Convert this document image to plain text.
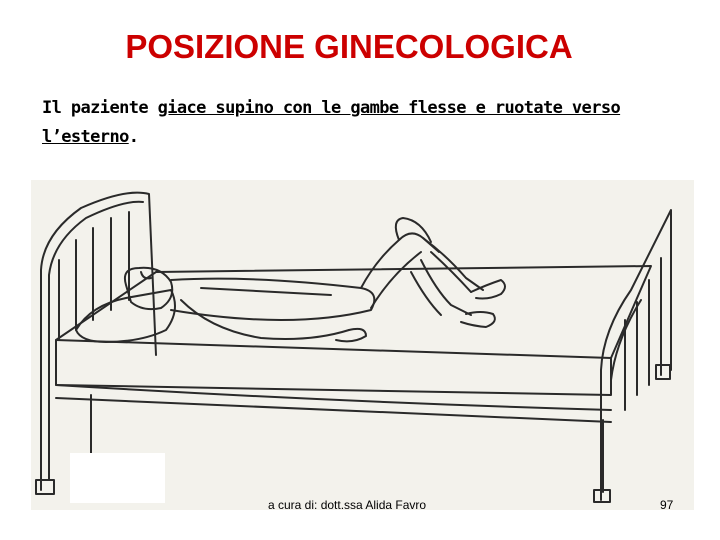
POSIZIONE GINECOLOGICA

Il paziente giace supino con le gambe flesse e ruotate verso l’esterno.

a cura di: dott.ssa Alida Favro	97
